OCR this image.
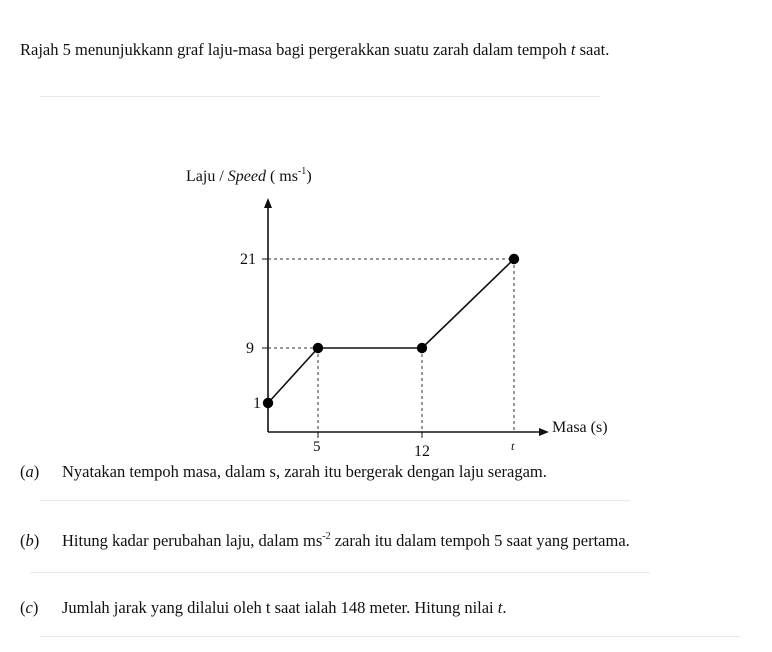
Rajah 5 menunjukkann graf laju-masa bagi pergerakkan suatu zarah dalam tempoh t saat.
Laju / Speed ( $ms^{-1}$)
Masa (s)
21
9
1
5	12	t
(a) Nyatakan tempoh masa, dalam s, zarah itu bergerak dengan laju seragam.
(b) Hitung kadar perubahan laju, dalam $ms^{-2}$ zarah itu dalam tempoh 5 saat yang pertama.
(c) Jumlah jarak yang dilalui oleh t saat ialah 148 meter. Hitung nilai t.
